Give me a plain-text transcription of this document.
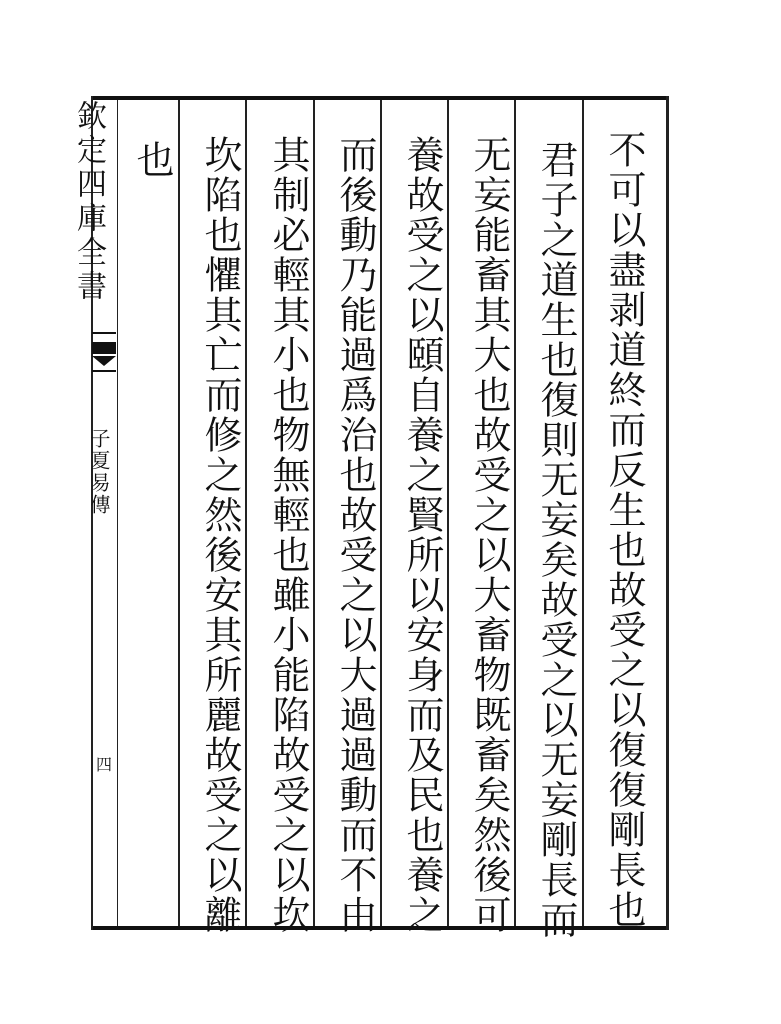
欽定四庫全書
子夏易傳
四	不可以盡剥道終而反生也故受之以復復剛長也
君子之道生也復則无妄矣故受之以无妄剛長而
无妄能畜其大也故受之以大畜物既畜矣然後可
養故受之以頤自養之賢所以安身而及民也養之
而後動乃能過爲治也故受之以大過過動而不由
其制必輕其小也物無輕也雖小能陷故受之以坎
坎陷也懼其亡而修之然後安其所麗故受之以離
也
